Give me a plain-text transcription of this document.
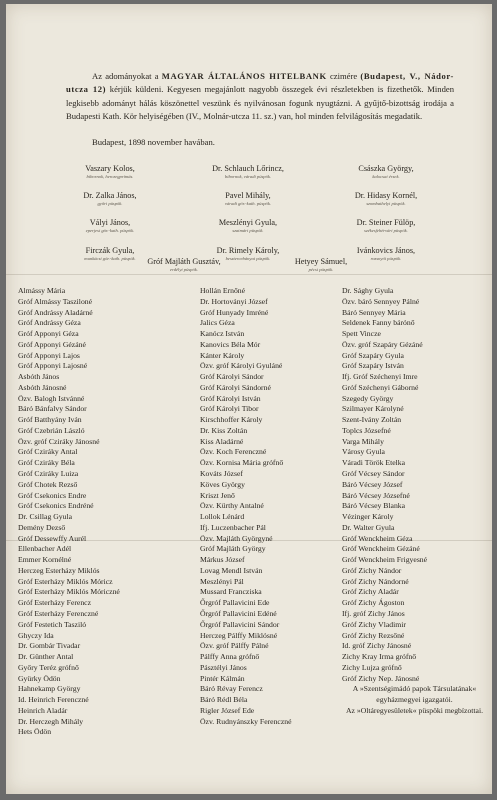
Az adományokat a MAGYAR ÁLTALÁNOS HITELBANK czimére (Budapest, V., Nádor-utcza 12) kérjük küldeni. Kegyesen megajánlott nagyobb összegek évi részletekben is fizethetők. Minden legkisebb adományt hálás köszönettel veszünk és nyilvánosan fogunk nyugtázni. A gyűjtő-bizottság irodája a Budapesti Kath. Kör helyiségében (IV., Molnár-utcza 11. sz.) van, hol minden felvilágosítás megadatik.
Budapest, 1898 november havában.
Vaszary Kolos,
bibornok, herczegprímás.
Dr. Schlauch Lőrincz,
bibornok, váradi püspök.
Császka György,
kalocsai érsek.
Dr. Zalka János,
győri püspök.
Pavel Mihály,
váradi gör.-kath. püspök.
Dr. Hidasy Kornél,
szombathelyi püspök.
Vályi János,
eperjesi gör.-kath. püspök.
Meszlényi Gyula,
szatmári püspök.
Dr. Steiner Fülöp,
székesfehérvári püspök.
Firczák Gyula,
munkácsi gör.-kath. püspök.
Dr. Rimely Károly,
besztercebányai püspök.
Ivánkovics János,
rozsnyói püspök.
Gróf Majláth Gusztáv,
erdélyi püspök.
Hetyey Sámuel,
pécsi püspök.
Almássy Mária
Gróf Almássy Tasziloné
Gróf Andrássy Aladárné
Gróf Andrássy Géza
Gróf Apponyi Géza
Gróf Apponyi Gézáné
Gróf Apponyi Lajos
Gróf Apponyi Lajosné
Asbóth János
Asbóth Jánosné
Özv. Balogh Istvánné
Báró Bánfalvy Sándor
Gróf Batthyány Iván
Gróf Czebrián László
Özv. gróf Cziráky Jánosné
Gróf Cziráky Antal
Gróf Cziráky Béla
Gróf Cziráky Luiza
Gróf Chotek Rezső
Gróf Csekonics Endre
Gróf Csekonics Endréné
Dr. Csillag Gyula
Demény Dezső
Gróf Dessewffy Aurél
Ellenbacher Adél
Emmer Kornélné
Herczeg Esterházy Miklós
Gróf Esterházy Miklós Móricz
Gróf Esterházy Miklós Móriczné
Gróf Esterházy Ferencz
Gróf Esterházy Ferenczné
Gróf Festetich Tasziló
Ghyczy Ida
Dr. Gombár Tivadar
Dr. Günther Antal
Győry Teréz grófnő
Gyürky Ödön
Hahnekamp György
Id. Heinrich Ferenczné
Heinrich Aladár
Dr. Herczegh Mihály
Hets Ödön
Hollán Ernőné
Dr. Hortoványi József
Gróf Hunyady Imréné
Jalics Géza
Kanócz István
Kanovics Béla Mór
Kánter Károly
Özv. gróf Károlyi Gyuláné
Gróf Károlyi Sándor
Gróf Károlyi Sándorné
Gróf Károlyi István
Gróf Károlyi Tibor
Kirschhoffer Károly
Dr. Kiss Zoltán
Kiss Aladárné
Özv. Koch Ferenczné
Özv. Kornisa Mária grófnő
Kováts József
Köves György
Kriszt Jenő
Özv. Kürthy Antalné
Lollok Lénárd
Ifj. Luczenbacher Pál
Özv. Majláth Györgyné
Gróf Majláth György
Márkus József
Lovag Mendl István
Meszlényi Pál
Mussard Francziska
Őrgróf Pallavicini Ede
Őrgróf Pallavicini Edéné
Őrgróf Pallavicini Sándor
Herczeg Pálffy Miklósné
Özv. gróf Pálffy Pálné
Pálffy Anna grófnő
Pásztélyi János
Pintér Kálmán
Báró Révay Ferencz
Báró Rédl Béla
Rigler József Ede
Özv. Rudnyánszky Ferenczné
Dr. Sághy Gyula
Özv. báró Sennyey Pálné
Báró Sennyey Mária
Seldenek Fanny bárónő
Spett Vincze
Özv. gróf Szapáry Gézáné
Gróf Szapáry Gyula
Gróf Szapáry István
Ifj. Gróf Széchenyi Imre
Gróf Széchenyi Gáborné
Szegedy György
Szilmayer Károlyné
Szent-Ivány Zoltán
Toplcs Józsefné
Varga Mihály
Városy Gyula
Váradi Török Etelka
Gróf Vécsey Sándor
Báró Vécsey József
Báró Vécsey Józsefné
Báró Vécsey Blanka
Vézinger Károly
Dr. Walter Gyula
Gróf Wenckheim Géza
Gróf Wenckheim Gézáné
Gróf Wenckheim Frigyesné
Gróf Zichy Nándor
Gróf Zichy Nándorné
Gróf Zichy Aladár
Gróf Zichy Ágoston
Ifj. gróf Zichy János
Gróf Zichy Vladimir
Gróf Zichy Rezsőné
Id. gróf Zichy Jánosné
Zichy Kray Irma grófnő
Zichy Lujza grófnő
Gróf Zichy Nep. Jánosné
A »Szentségimádó papok Társulatának« egyházmegyei igazgatói.
Az »Oltáregyesületek« püspöki megbízottai.
